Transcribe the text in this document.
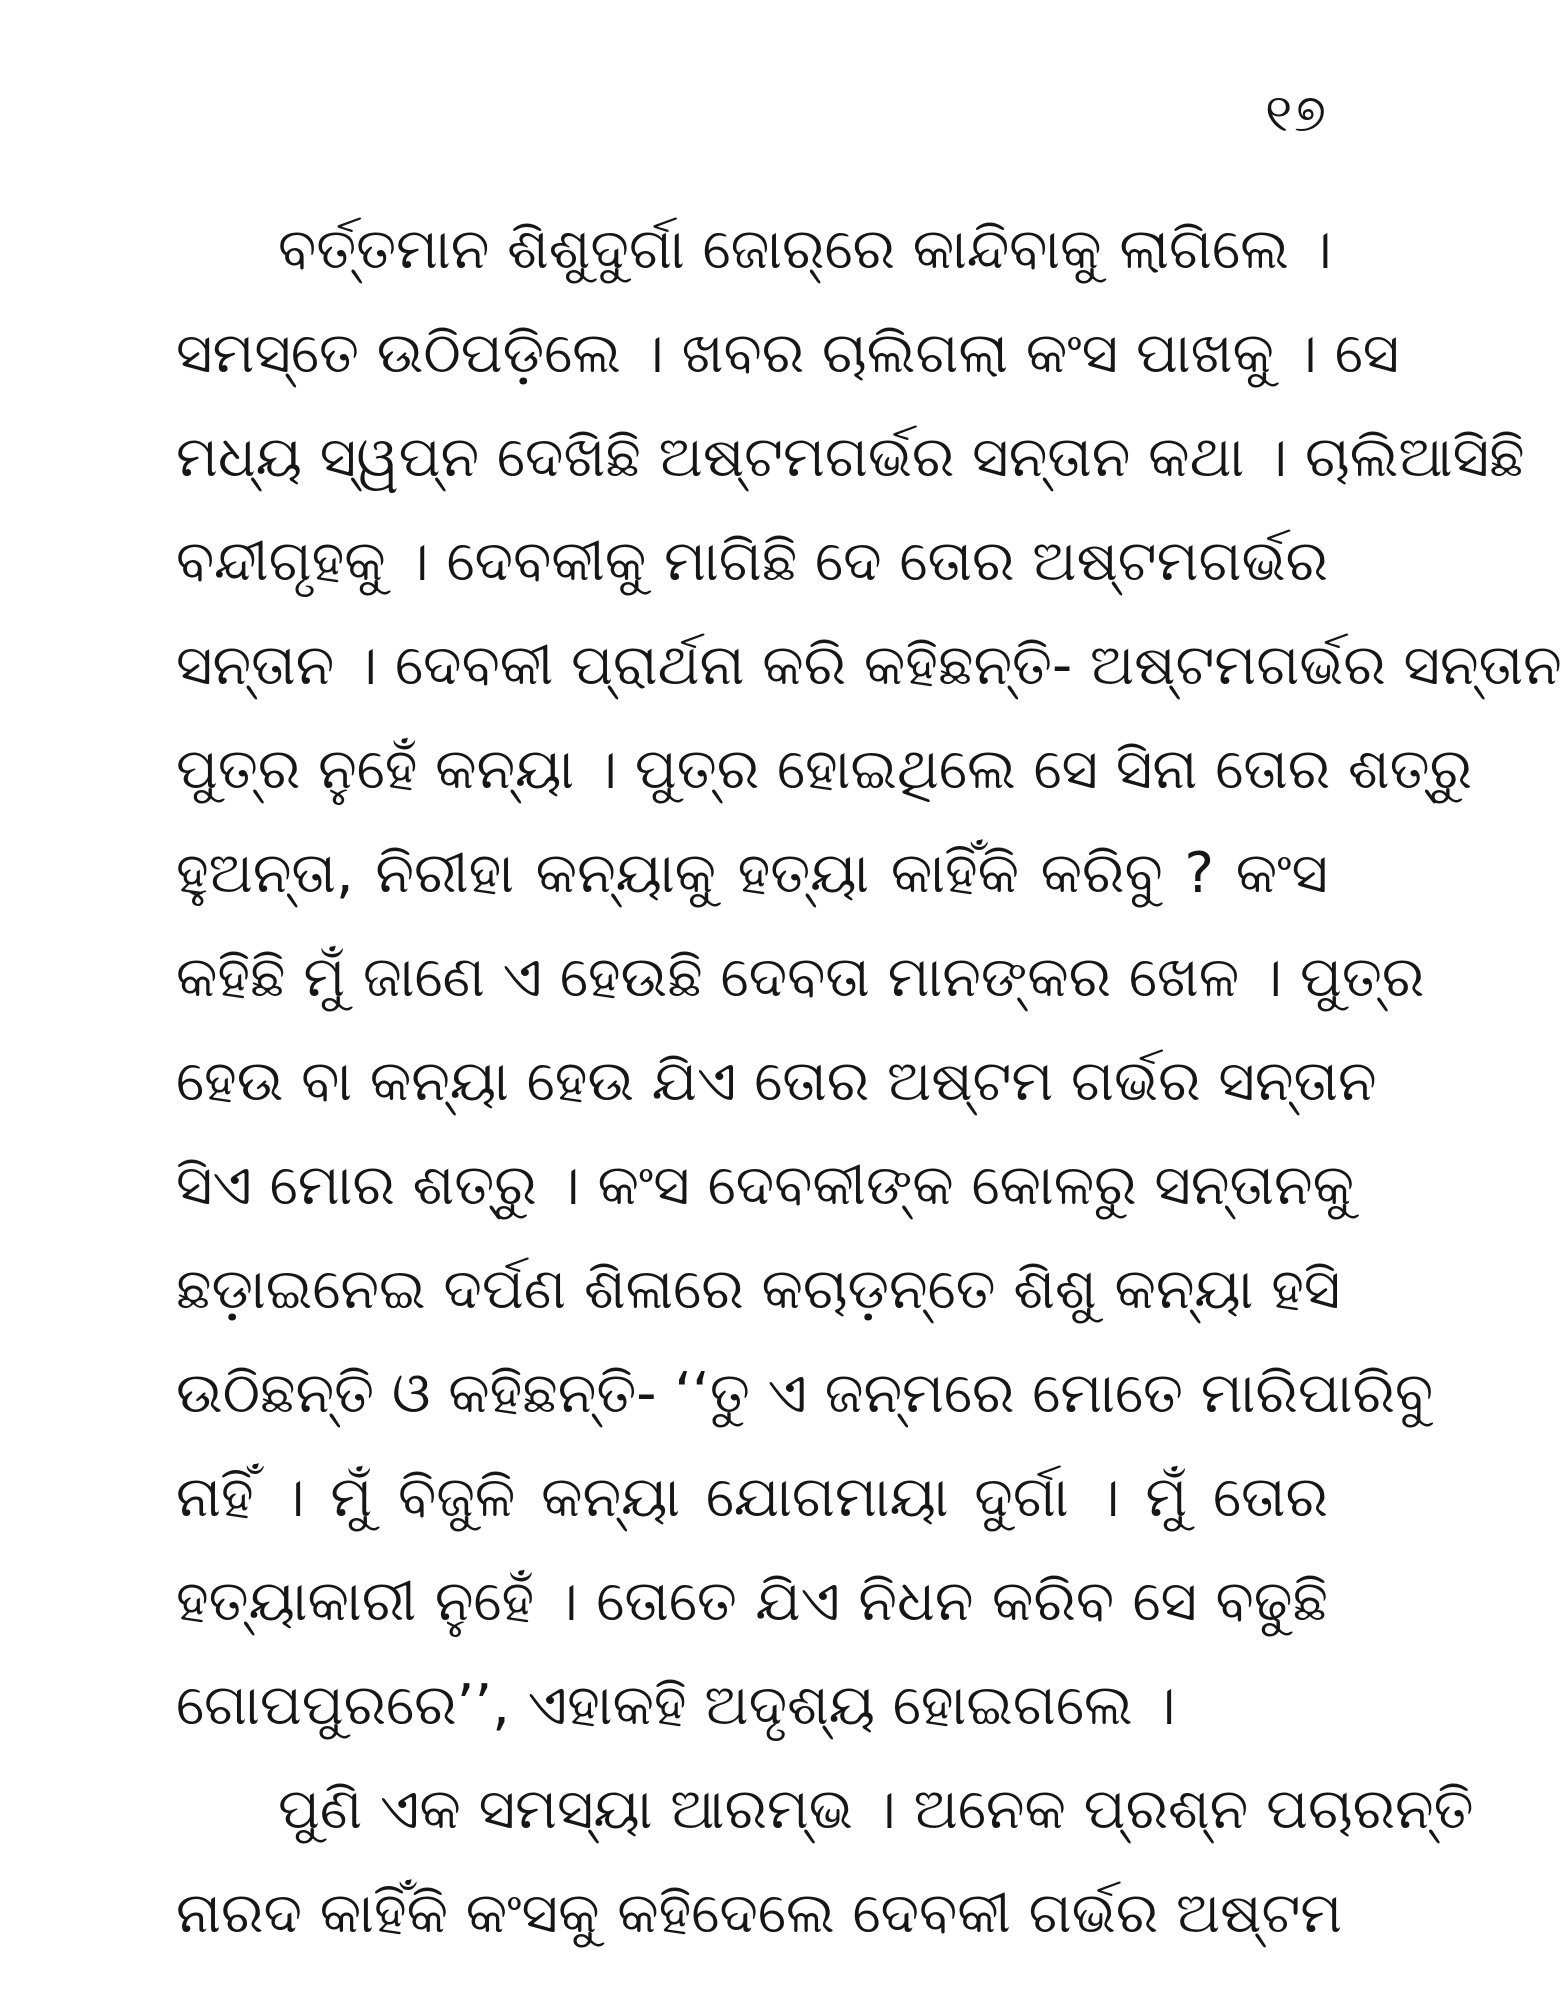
୧୭
ବର୍ତ୍ତମାନ ଶିଶୁଦୁର୍ଗା ଜୋର୍‌ରେ କାନ୍ଦିବାକୁ ଲାଗିଲେ ।
ସମସ୍ତେ ଉଠିପଡ଼ିଲେ । ଖବର ଚାଲିଗଲା କଂସ ପାଖକୁ । ସେ
ମଧ୍ୟ ସ୍ୱପ୍ନ ଦେଖିଛି ଅଷ୍ଟମଗର୍ଭର ସନ୍ତାନ କଥା । ଚାଲିଆସିଛି
ବନ୍ଦୀଗୃହକୁ । ଦେବକୀକୁ ମାଗିଛି ଦେ ତୋର ଅଷ୍ଟମଗର୍ଭର
ସନ୍ତାନ । ଦେବକୀ ପ୍ରାର୍ଥନା କରି କହିଛନ୍ତି- ଅଷ୍ଟମଗର୍ଭର ସନ୍ତାନ
ପୁତ୍ର ନୁହେଁ କନ୍ୟା । ପୁତ୍ର ହୋଇଥିଲେ ସେ ସିନା ତୋର ଶତ୍ରୁ
ହୁଅନ୍ତା, ନିରୀହା କନ୍ୟାକୁ ହତ୍ୟା କାହିଁକି କରିବୁ ? କଂସ
କହିଛି ମୁଁ ଜାଣେ ଏ ହେଉଛି ଦେବତା ମାନଙ୍କର ଖେଳ । ପୁତ୍ର
ହେଉ ବା କନ୍ୟା ହେଉ ଯିଏ ତୋର ଅଷ୍ଟମ ଗର୍ଭର ସନ୍ତାନ
ସିଏ ମୋର ଶତ୍ରୁ । କଂସ ଦେବକୀଙ୍କ କୋଳରୁ ସନ୍ତାନକୁ
ଛଡ଼ାଇନେଇ ଦର୍ପଣ ଶିଳାରେ କଚାଡ଼ନ୍ତେ ଶିଶୁ କନ୍ୟା ହସି
ଉଠିଛନ୍ତି ଓ କହିଛନ୍ତି- ‘‘ତୁ ଏ ଜନ୍ମରେ ମୋତେ ମାରିପାରିବୁ
ନାହିଁ । ମୁଁ ବିଜୁଳି କନ୍ୟା ଯୋଗମାୟା ଦୁର୍ଗା । ମୁଁ ତୋର
ହତ୍ୟାକାରୀ ନୁହେଁ । ତୋତେ ଯିଏ ନିଧନ କରିବ ସେ ବଢୁଛି
ଗୋପପୁରରେ’’, ଏହାକହି ଅଦୃଶ୍ୟ ହୋଇଗଲେ ।
ପୁଣି ଏକ ସମସ୍ୟା ଆରମ୍ଭ । ଅନେକ ପ୍ରଶ୍ନ ପଚାରନ୍ତି
ନାରଦ କାହିଁକି କଂସକୁ କହିଦେଲେ ଦେବକୀ ଗର୍ଭର ଅଷ୍ଟମ
